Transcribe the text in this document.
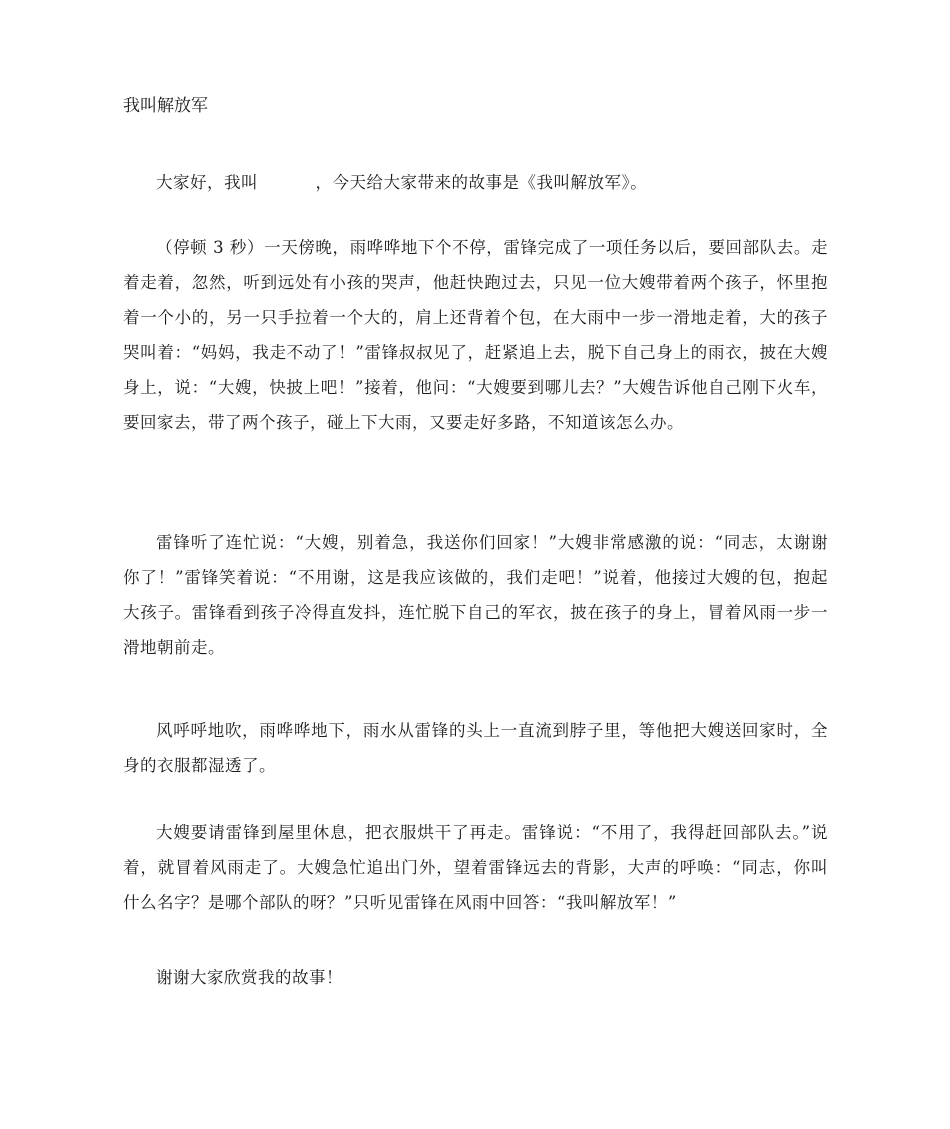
我叫解放军

大家好，我叫          ，今天给大家带来的故事是《我叫解放军》。

（停顿 3 秒）一天傍晚，雨哗哗地下个不停，雷锋完成了一项任务以后，要回部队去。走着走着，忽然，听到远处有小孩的哭声，他赶快跑过去，只见一位大嫂带着两个孩子，怀里抱着一个小的，另一只手拉着一个大的，肩上还背着个包，在大雨中一步一滑地走着，大的孩子哭叫着：“妈妈，我走不动了！”雷锋叔叔见了，赶紧追上去，脱下自己身上的雨衣，披在大嫂身上，说：“大嫂，快披上吧！”接着，他问：“大嫂要到哪儿去？”大嫂告诉他自己刚下火车，要回家去，带了两个孩子，碰上下大雨，又要走好多路，不知道该怎么办。

雷锋听了连忙说：“大嫂，别着急，我送你们回家！”大嫂非常感激的说：“同志，太谢谢你了！”雷锋笑着说：“不用谢，这是我应该做的，我们走吧！”说着，他接过大嫂的包，抱起大孩子。雷锋看到孩子冷得直发抖，连忙脱下自己的军衣，披在孩子的身上，冒着风雨一步一滑地朝前走。

风呼呼地吹，雨哗哗地下，雨水从雷锋的头上一直流到脖子里，等他把大嫂送回家时，全身的衣服都湿透了。

大嫂要请雷锋到屋里休息，把衣服烘干了再走。雷锋说：“不用了，我得赶回部队去。”说着，就冒着风雨走了。大嫂急忙追出门外，望着雷锋远去的背影，大声的呼唤：“同志，你叫什么名字？是哪个部队的呀？”只听见雷锋在风雨中回答：“我叫解放军！”

谢谢大家欣赏我的故事！
